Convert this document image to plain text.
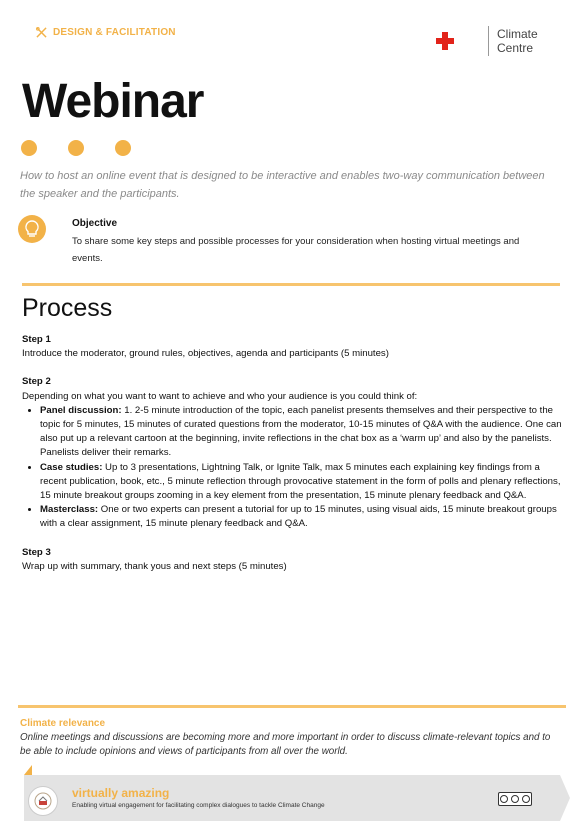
DESIGN & FACILITATION	Climate
Centre
Webinar
How to host an online event that is designed to be interactive and enables two-way communication between the speaker and the participants.
Objective
To share some key steps and possible processes for your consideration when hosting virtual meetings and events.
Process

Step 1

Introduce the moderator, ground rules, objectives, agenda and participants (5 minutes)

Step 2

Depending on what you want to want to achieve and who your audience is you could think of:

• Panel discussion: 1. 2-5 minute introduction of the topic, each panelist presents themselves and their perspective to the topic for 5 minutes, 15 minutes of curated questions from the moderator, 10-15 minutes of Q&A with the audience. One can also put up a relevant cartoon at the beginning, invite reflections in the chat box as a ‘warm up’ and also by the panelists. Panelists deliver their remarks.
• Case studies: Up to 3 presentations, Lightning Talk, or Ignite Talk, max 5 minutes each explaining key findings from a recent publication, book, etc., 5 minute reflection through provocative statement in the form of polls and plenary reflections, 15 minute breakout groups zooming in a key element from the presentation, 15 minute plenary feedback and Q&A.
• Masterclass: One or two experts can present a tutorial for up to 15 minutes, using visual aids, 15 minute breakout groups with a clear assignment, 15 minute plenary feedback and Q&A.

Step 3

Wrap up with summary, thank yous and next steps (5 minutes)

Climate relevance
Online meetings and discussions are becoming more and more important in order to discuss climate-relevant topics and to be able to include opinions and views of participants from all over the world.
virtually amazing
Enabling virtual engagement for facilitating complex dialogues to tackle Climate Change
